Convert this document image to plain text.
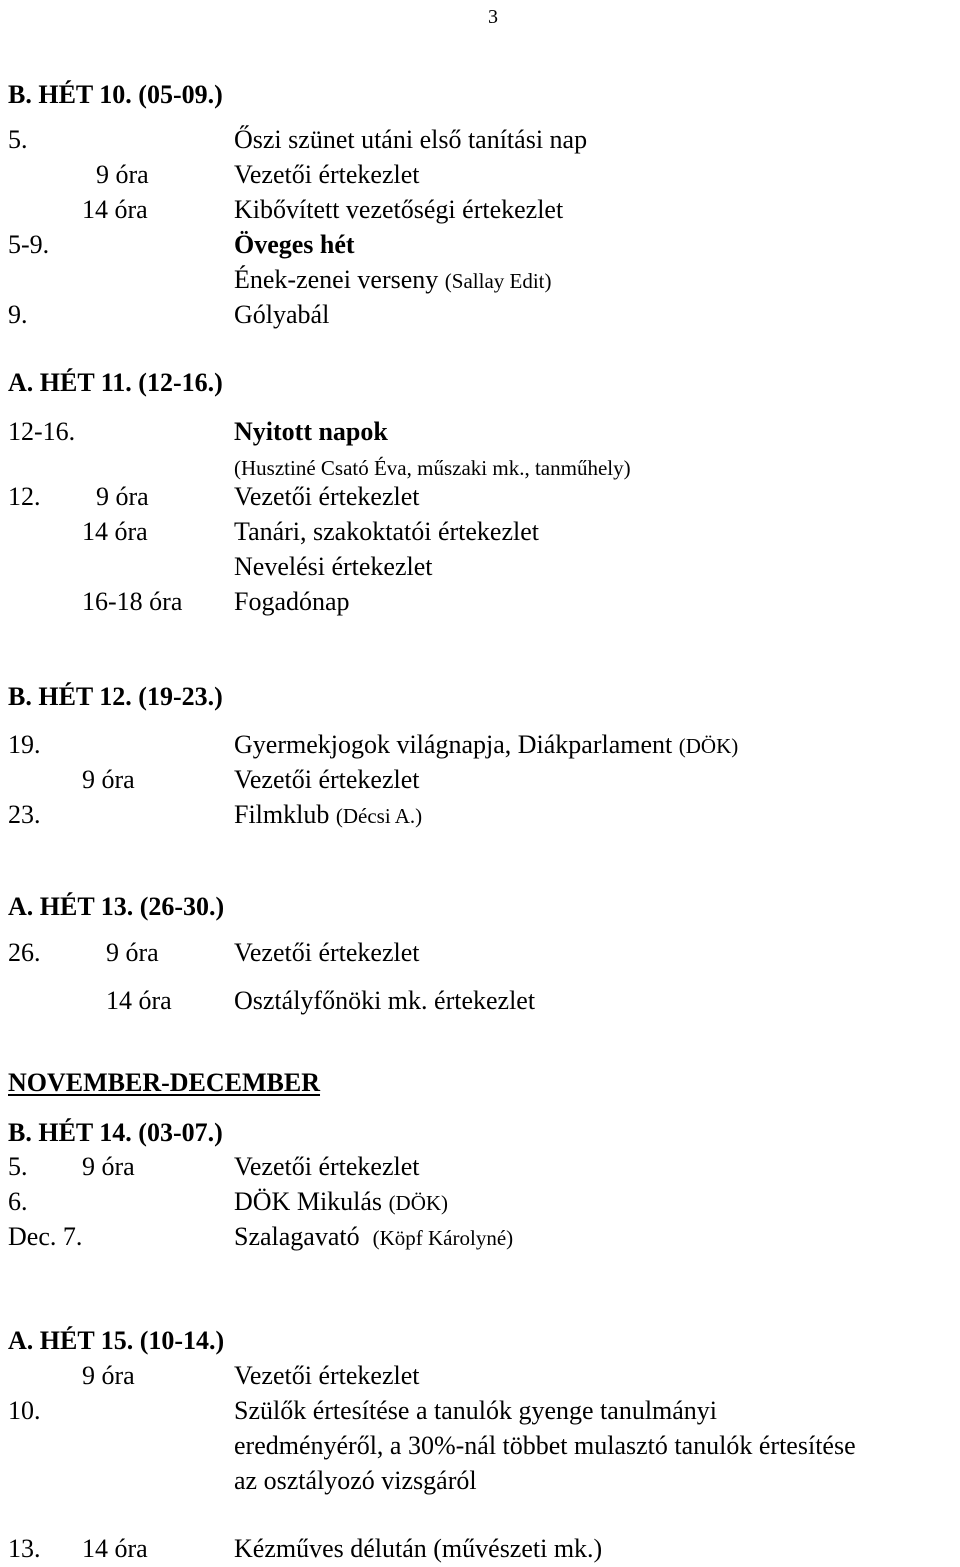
3
B. HÉT 10. (05-09.)
5.	Őszi szünet utáni első tanítási nap
9 óra	Vezetői értekezlet
14 óra	Kibővített vezetőségi értekezlet
5-9.	Öveges hét
Ének-zenei verseny (Sallay Edit)
9.	Gólyabál
A. HÉT 11. (12-16.)
12-16.	Nyitott napok
(Husztiné Csató Éva, műszaki mk., tanműhely)
12. 9 óra	Vezetői értekezlet
14 óra	Tanári, szakoktatói értekezlet
Nevelési értekezlet
16-18 óra Fogadónap
B. HÉT 12. (19-23.)
19.	Gyermekjogok világnapja, Diákparlament (DÖK)
9 óra	Vezetői értekezlet
23.	Filmklub (Décsi A.)
A. HÉT 13. (26-30.)
26.	9 óra	Vezetői értekezlet
14 óra Osztályfőnöki mk. értekezlet
NOVEMBER-DECEMBER
B. HÉT 14. (03-07.)
5. 9 óra	Vezetői értekezlet
6.	DÖK Mikulás (DÖK)
Dec. 7.	Szalagavató (Köpf Károlyné)
A. HÉT 15. (10-14.)
9 óra	Vezetői értekezlet
10.	Szülők értesítése a tanulók gyenge tanulmányi
eredményéről, a 30%-nál többet mulasztó tanulók értesítése
az osztályozó vizsgáról
13. 14 óra	Kézműves délután (művészeti mk.)
